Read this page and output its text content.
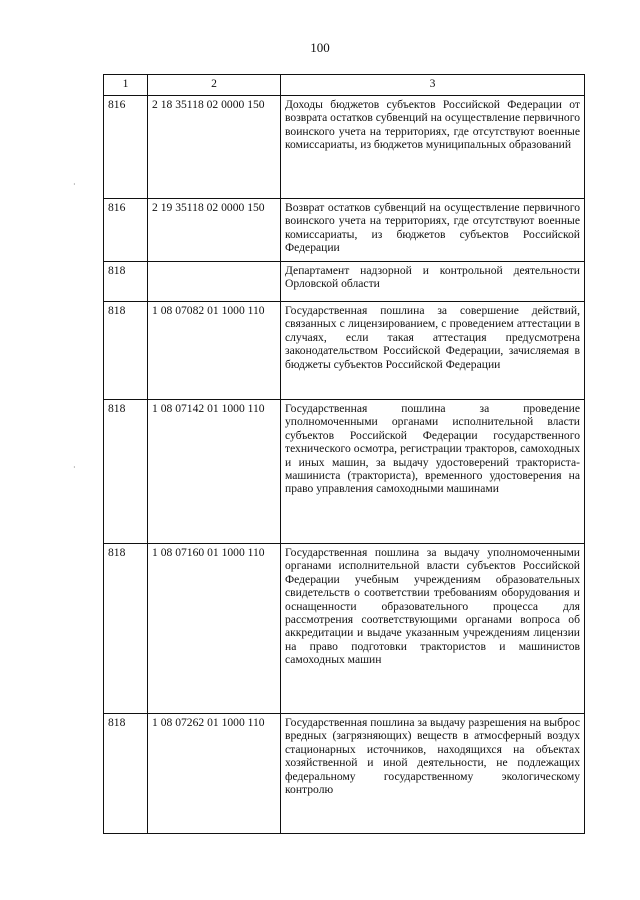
100
·
·
1	2	3
816	2 18 35118 02 0000 150	Доходы бюджетов субъектов Российской Федерации от возврата остатков субвенций на осуществление первичного воинского учета на территориях, где отсутствуют военные комиссариаты, из бюджетов муниципальных образований
816	2 19 35118 02 0000 150	Возврат остатков субвенций на осуществление первичного воинского учета на территориях, где отсутствуют военные комиссариаты, из бюджетов субъектов Российской Федерации
818		Департамент надзорной и контрольной деятельности Орловской области
818	1 08 07082 01 1000 110	Государственная пошлина за совершение действий, связанных с лицензированием, с проведением аттестации в случаях, если такая аттестация предусмотрена законодательством Российской Федерации, зачисляемая в бюджеты субъектов Российской Федерации
818	1 08 07142 01 1000 110	Государственная пошлина за проведение уполномоченными органами исполнительной власти субъектов Российской Федерации государственного технического осмотра, регистрации тракторов, самоходных и иных машин, за выдачу удостоверений тракториста-машиниста (тракториста), временного удостоверения на право управления самоходными машинами
818	1 08 07160 01 1000 110	Государственная пошлина за выдачу уполномоченными органами исполнительной власти субъектов Российской Федерации учебным учреждениям образовательных свидетельств о соответствии требованиям оборудования и оснащенности образовательного процесса для рассмотрения соответствующими органами вопроса об аккредитации и выдаче указанным учреждениям лицензии на право подготовки трактористов и машинистов самоходных машин
818	1 08 07262 01 1000 110	Государственная пошлина за выдачу разрешения на выброс вредных (загрязняющих) веществ в атмосферный воздух стационарных источников, находящихся на объектах хозяйственной и иной деятельности, не подлежащих федеральному государственному экологическому контролю
